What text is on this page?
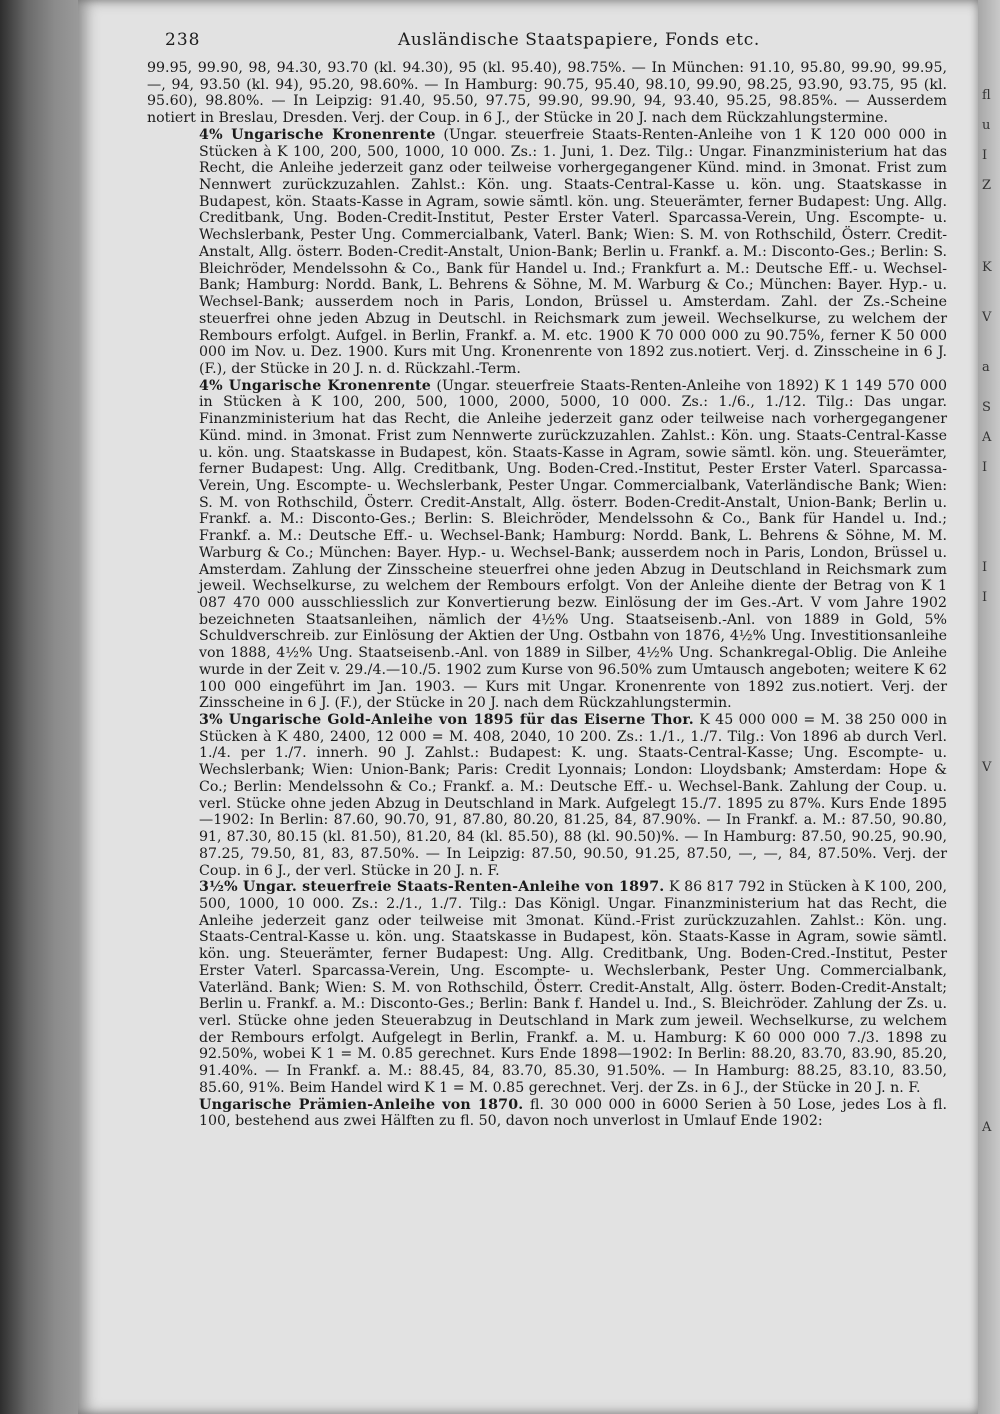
fl
u
I
Z
K
V
a
S
A
I
I
I
V
A
238	Ausländische Staatspapiere, Fonds etc.

99.95, 99.90, 98, 94.30, 93.70 (kl. 94.30), 95 (kl. 95.40), 98.75%. — In München: 91.10, 95.80, 99.90, 99.95, —, 94, 93.50 (kl. 94), 95.20, 98.60%. — In Hamburg: 90.75, 95.40, 98.10, 99.90, 98.25, 93.90, 93.75, 95 (kl. 95.60), 98.80%. — In Leipzig: 91.40, 95.50, 97.75, 99.90, 99.90, 94, 93.40, 95.25, 98.85%. — Ausserdem notiert in Breslau, Dresden. Verj. der Coup. in 6 J., der Stücke in 20 J. nach dem Rückzahlungstermine.

4% Ungarische Kronenrente (Ungar. steuerfreie Staats-Renten-Anleihe von 1 K 120 000 000 in Stücken à K 100, 200, 500, 1000, 10 000. Zs.: 1. Juni, 1. Dez. Tilg.: Ungar. Finanzministerium hat das Recht, die Anleihe jederzeit ganz oder teilweise vorhergegangener Künd. mind. in 3monat. Frist zum Nennwert zurückzuzahlen. Zahlst.: Kön. ung. Staats-Central-Kasse u. kön. ung. Staatskasse in Budapest, kön. Staats-Kasse in Agram, sowie sämtl. kön. ung. Steuerämter, ferner Budapest: Ung. Allg. Creditbank, Ung. Boden-Credit-Institut, Pester Erster Vaterl. Sparcassa-Verein, Ung. Escompte- u. Wechslerbank, Pester Ung. Commercialbank, Vaterl. Bank; Wien: S. M. von Rothschild, Österr. Credit-Anstalt, Allg. österr. Boden-Credit-Anstalt, Union-Bank; Berlin u. Frankf. a. M.: Disconto-Ges.; Berlin: S. Bleichröder, Mendelssohn & Co., Bank für Handel u. Ind.; Frankfurt a. M.: Deutsche Eff.- u. Wechsel-Bank; Hamburg: Nordd. Bank, L. Behrens & Söhne, M. M. Warburg & Co.; München: Bayer. Hyp.- u. Wechsel-Bank; ausserdem noch in Paris, London, Brüssel u. Amsterdam. Zahl. der Zs.-Scheine steuerfrei ohne jeden Abzug in Deutschl. in Reichsmark zum jeweil. Wechselkurse, zu welchem der Rembours erfolgt. Aufgel. in Berlin, Frankf. a. M. etc. 1900 K 70 000 000 zu 90.75%, ferner K 50 000 000 im Nov. u. Dez. 1900. Kurs mit Ung. Kronenrente von 1892 zus.notiert. Verj. d. Zinsscheine in 6 J. (F.), der Stücke in 20 J. n. d. Rückzahl.-Term.

4% Ungarische Kronenrente (Ungar. steuerfreie Staats-Renten-Anleihe von 1892) K 1 149 570 000 in Stücken à K 100, 200, 500, 1000, 2000, 5000, 10 000. Zs.: 1./6., 1./12. Tilg.: Das ungar. Finanzministerium hat das Recht, die Anleihe jederzeit ganz oder teilweise nach vorhergegangener Künd. mind. in 3monat. Frist zum Nennwerte zurückzuzahlen. Zahlst.: Kön. ung. Staats-Central-Kasse u. kön. ung. Staatskasse in Budapest, kön. Staats-Kasse in Agram, sowie sämtl. kön. ung. Steuerämter, ferner Budapest: Ung. Allg. Creditbank, Ung. Boden-Cred.-Institut, Pester Erster Vaterl. Sparcassa-Verein, Ung. Escompte- u. Wechslerbank, Pester Ungar. Commercialbank, Vaterländische Bank; Wien: S. M. von Rothschild, Österr. Credit-Anstalt, Allg. österr. Boden-Credit-Anstalt, Union-Bank; Berlin u. Frankf. a. M.: Disconto-Ges.; Berlin: S. Bleichröder, Mendelssohn & Co., Bank für Handel u. Ind.; Frankf. a. M.: Deutsche Eff.- u. Wechsel-Bank; Hamburg: Nordd. Bank, L. Behrens & Söhne, M. M. Warburg & Co.; München: Bayer. Hyp.- u. Wechsel-Bank; ausserdem noch in Paris, London, Brüssel u. Amsterdam. Zahlung der Zinsscheine steuerfrei ohne jeden Abzug in Deutschland in Reichsmark zum jeweil. Wechselkurse, zu welchem der Rembours erfolgt. Von der Anleihe diente der Betrag von K 1 087 470 000 ausschliesslich zur Konvertierung bezw. Einlösung der im Ges.-Art. V vom Jahre 1902 bezeichneten Staatsanleihen, nämlich der 4½% Ung. Staatseisenb.-Anl. von 1889 in Gold, 5% Schuldverschreib. zur Einlösung der Aktien der Ung. Ostbahn von 1876, 4½% Ung. Investitionsanleihe von 1888, 4½% Ung. Staatseisenb.-Anl. von 1889 in Silber, 4½% Ung. Schankregal-Oblig. Die Anleihe wurde in der Zeit v. 29./4.—10./5. 1902 zum Kurse von 96.50% zum Umtausch angeboten; weitere K 62 100 000 eingeführt im Jan. 1903. — Kurs mit Ungar. Kronenrente von 1892 zus.notiert. Verj. der Zinsscheine in 6 J. (F.), der Stücke in 20 J. nach dem Rückzahlungstermin.

3% Ungarische Gold-Anleihe von 1895 für das Eiserne Thor. K 45 000 000 = M. 38 250 000 in Stücken à K 480, 2400, 12 000 = M. 408, 2040, 10 200. Zs.: 1./1., 1./7. Tilg.: Von 1896 ab durch Verl. 1./4. per 1./7. innerh. 90 J. Zahlst.: Budapest: K. ung. Staats-Central-Kasse; Ung. Escompte- u. Wechslerbank; Wien: Union-Bank; Paris: Credit Lyonnais; London: Lloydsbank; Amsterdam: Hope & Co.; Berlin: Mendelssohn & Co.; Frankf. a. M.: Deutsche Eff.- u. Wechsel-Bank. Zahlung der Coup. u. verl. Stücke ohne jeden Abzug in Deutschland in Mark. Aufgelegt 15./7. 1895 zu 87%. Kurs Ende 1895—1902: In Berlin: 87.60, 90.70, 91, 87.80, 80.20, 81.25, 84, 87.90%. — In Frankf. a. M.: 87.50, 90.80, 91, 87.30, 80.15 (kl. 81.50), 81.20, 84 (kl. 85.50), 88 (kl. 90.50)%. — In Hamburg: 87.50, 90.25, 90.90, 87.25, 79.50, 81, 83, 87.50%. — In Leipzig: 87.50, 90.50, 91.25, 87.50, —, —, 84, 87.50%. Verj. der Coup. in 6 J., der verl. Stücke in 20 J. n. F.

3½% Ungar. steuerfreie Staats-Renten-Anleihe von 1897. K 86 817 792 in Stücken à K 100, 200, 500, 1000, 10 000. Zs.: 2./1., 1./7. Tilg.: Das Königl. Ungar. Finanzministerium hat das Recht, die Anleihe jederzeit ganz oder teilweise mit 3monat. Künd.-Frist zurückzuzahlen. Zahlst.: Kön. ung. Staats-Central-Kasse u. kön. ung. Staatskasse in Budapest, kön. Staats-Kasse in Agram, sowie sämtl. kön. ung. Steuerämter, ferner Budapest: Ung. Allg. Creditbank, Ung. Boden-Cred.-Institut, Pester Erster Vaterl. Sparcassa-Verein, Ung. Escompte- u. Wechslerbank, Pester Ung. Commercialbank, Vaterländ. Bank; Wien: S. M. von Rothschild, Österr. Credit-Anstalt, Allg. österr. Boden-Credit-Anstalt; Berlin u. Frankf. a. M.: Disconto-Ges.; Berlin: Bank f. Handel u. Ind., S. Bleichröder. Zahlung der Zs. u. verl. Stücke ohne jeden Steuerabzug in Deutschland in Mark zum jeweil. Wechselkurse, zu welchem der Rembours erfolgt. Aufgelegt in Berlin, Frankf. a. M. u. Hamburg: K 60 000 000 7./3. 1898 zu 92.50%, wobei K 1 = M. 0.85 gerechnet. Kurs Ende 1898—1902: In Berlin: 88.20, 83.70, 83.90, 85.20, 91.40%. — In Frankf. a. M.: 88.45, 84, 83.70, 85.30, 91.50%. — In Hamburg: 88.25, 83.10, 83.50, 85.60, 91%. Beim Handel wird K 1 = M. 0.85 gerechnet. Verj. der Zs. in 6 J., der Stücke in 20 J. n. F.

Ungarische Prämien-Anleihe von 1870. fl. 30 000 000 in 6000 Serien à 50 Lose, jedes Los à fl. 100, bestehend aus zwei Hälften zu fl. 50, davon noch unverlost in Umlauf Ende 1902:
